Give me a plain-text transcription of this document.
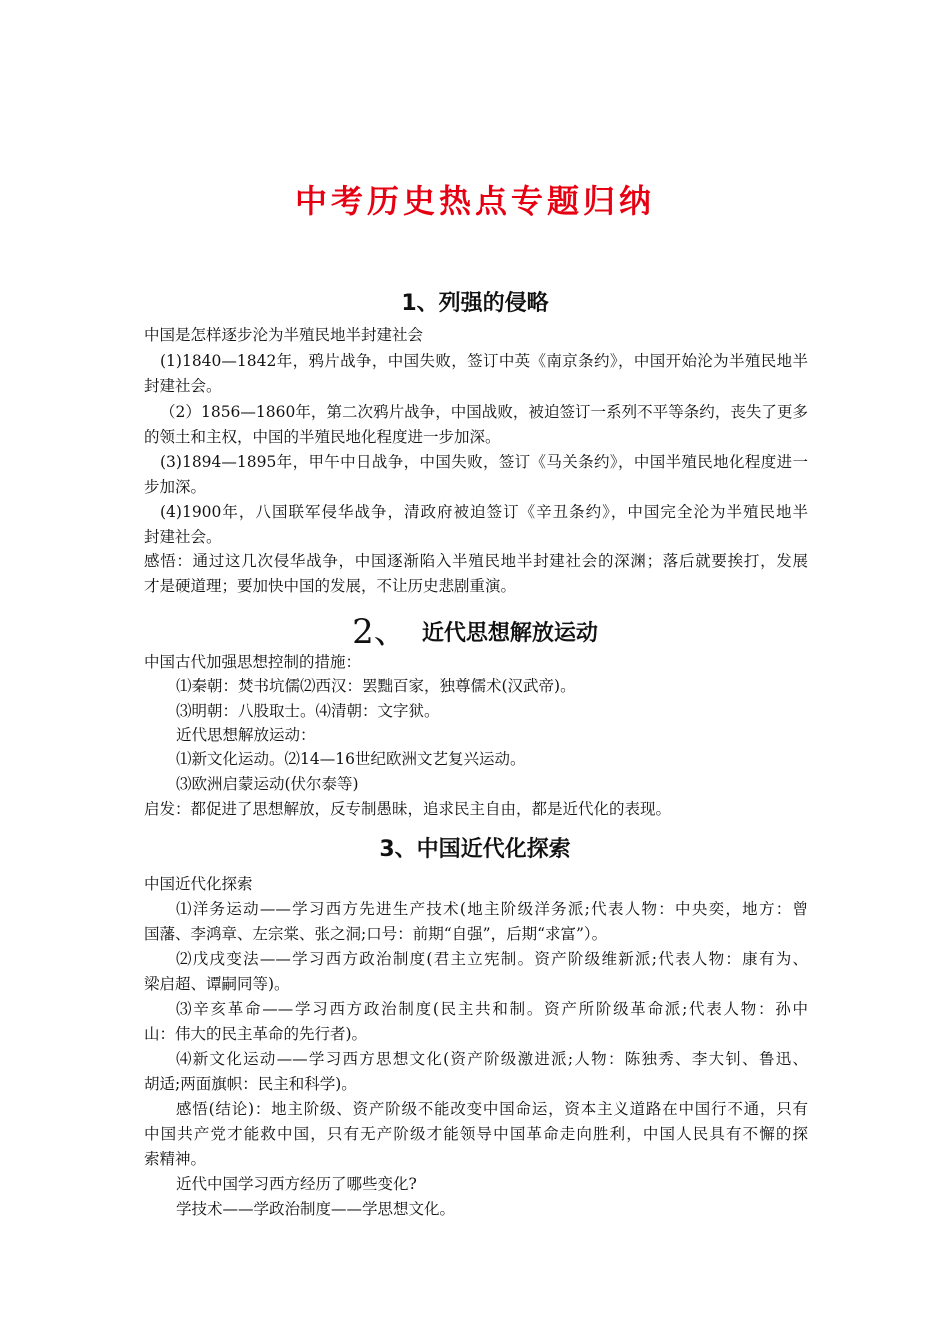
中考历史热点专题归纳
1、列强的侵略
中国是怎样逐步沦为半殖民地半封建社会
(1)1840—1842年，鸦片战争，中国失败，签订中英《南京条约》，中国开始沦为半殖民地半
封建社会。
（2）1856—1860年，第二次鸦片战争，中国战败，被迫签订一系列不平等条约，丧失了更多
的领土和主权，中国的半殖民地化程度进一步加深。
(3)1894—1895年，甲午中日战争，中国失败，签订《马关条约》，中国半殖民地化程度进一
步加深。
(4)1900年，八国联军侵华战争，清政府被迫签订《辛丑条约》，中国完全沦为半殖民地半
封建社会。
感悟：通过这几次侵华战争，中国逐渐陷入半殖民地半封建社会的深渊；落后就要挨打，发展
才是硬道理；要加快中国的发展，不让历史悲剧重演。
2、 近代思想解放运动
中国古代加强思想控制的措施：
⑴秦朝：焚书坑儒⑵西汉：罢黜百家，独尊儒术(汉武帝)。
⑶明朝：八股取士。⑷清朝：文字狱。
近代思想解放运动：
⑴新文化运动。⑵14—16世纪欧洲文艺复兴运动。
⑶欧洲启蒙运动(伏尔泰等)
启发：都促进了思想解放，反专制愚昧，追求民主自由，都是近代化的表现。
3、中国近代化探索
中国近代化探索
⑴洋务运动——学习西方先进生产技术(地主阶级洋务派;代表人物：中央奕，地方：曾
国藩、李鸿章、左宗棠、张之洞;口号：前期“自强”，后期“求富”）。
⑵戊戌变法——学习西方政治制度(君主立宪制。资产阶级维新派;代表人物：康有为、
梁启超、谭嗣同等)。
⑶辛亥革命——学习西方政治制度(民主共和制。资产所阶级革命派;代表人物：孙中
山：伟大的民主革命的先行者)。
⑷新文化运动——学习西方思想文化(资产阶级激进派;人物：陈独秀、李大钊、鲁迅、
胡适;两面旗帜：民主和科学)。
感悟(结论)：地主阶级、资产阶级不能改变中国命运，资本主义道路在中国行不通，只有
中国共产党才能救中国，只有无产阶级才能领导中国革命走向胜利，中国人民具有不懈的探
索精神。
近代中国学习西方经历了哪些变化?
学技术——学政治制度——学思想文化。
